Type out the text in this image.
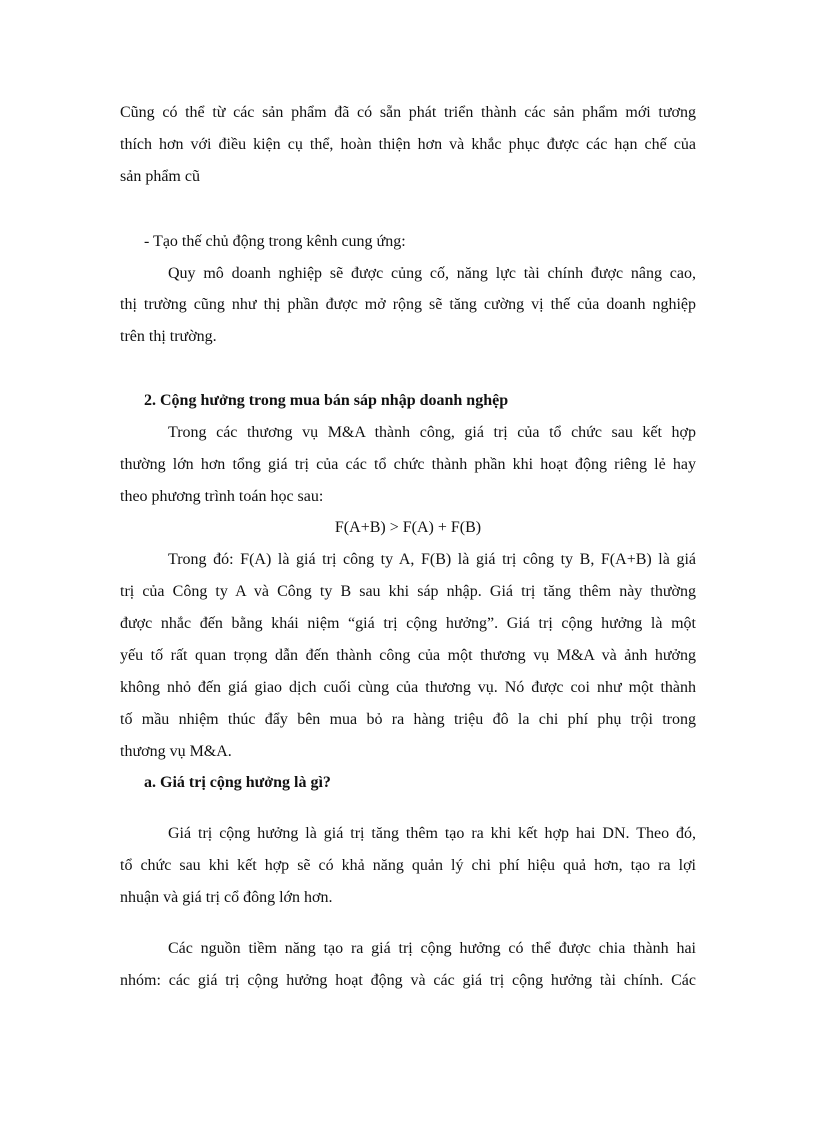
Cũng có thể từ các sản phẩm đã có sẵn phát triển thành các sản phẩm mới tương
thích hơn với điều kiện cụ thể, hoàn thiện hơn và khắc phục được các hạn chế của
sản phẩm cũ
- Tạo thế chủ động trong kênh cung ứng:
Quy mô doanh nghiệp sẽ được củng cố, năng lực tài chính được nâng cao,
thị trường cũng như thị phần được mở rộng sẽ tăng cường vị thế của doanh nghiệp
trên thị trường.
2. Cộng hưởng trong mua bán sáp nhập doanh nghệp
Trong các thương vụ M&A thành công, giá trị của tổ chức sau kết hợp
thường lớn hơn tổng giá trị của các tổ chức thành phần khi hoạt động riêng lẻ hay
theo phương trình toán học sau:
F(A+B) > F(A) + F(B)
Trong đó: F(A) là giá trị công ty A, F(B) là giá trị công ty B, F(A+B) là giá
trị của Công ty A và Công ty B sau khi sáp nhập. Giá trị tăng thêm này thường
được nhắc đến bằng khái niệm “giá trị cộng hưởng”. Giá trị cộng hưởng là một
yếu tố rất quan trọng dẫn đến thành công của một thương vụ M&A và ảnh hưởng
không nhỏ đến giá giao dịch cuối cùng của thương vụ. Nó được coi như một thành
tố mầu nhiệm thúc đẩy bên mua bỏ ra hàng triệu đô la chi phí phụ trội trong
thương vụ M&A.
a. Giá trị cộng hưởng là gì?
Giá trị cộng hưởng là giá trị tăng thêm tạo ra khi kết hợp hai DN. Theo đó,
tổ chức sau khi kết hợp sẽ có khả năng quản lý chi phí hiệu quả hơn, tạo ra lợi
nhuận và giá trị cổ đông lớn hơn.
Các nguồn tiềm năng tạo ra giá trị cộng hưởng có thể được chia thành hai
nhóm: các giá trị cộng hưởng hoạt động và các giá trị cộng hưởng tài chính. Các
